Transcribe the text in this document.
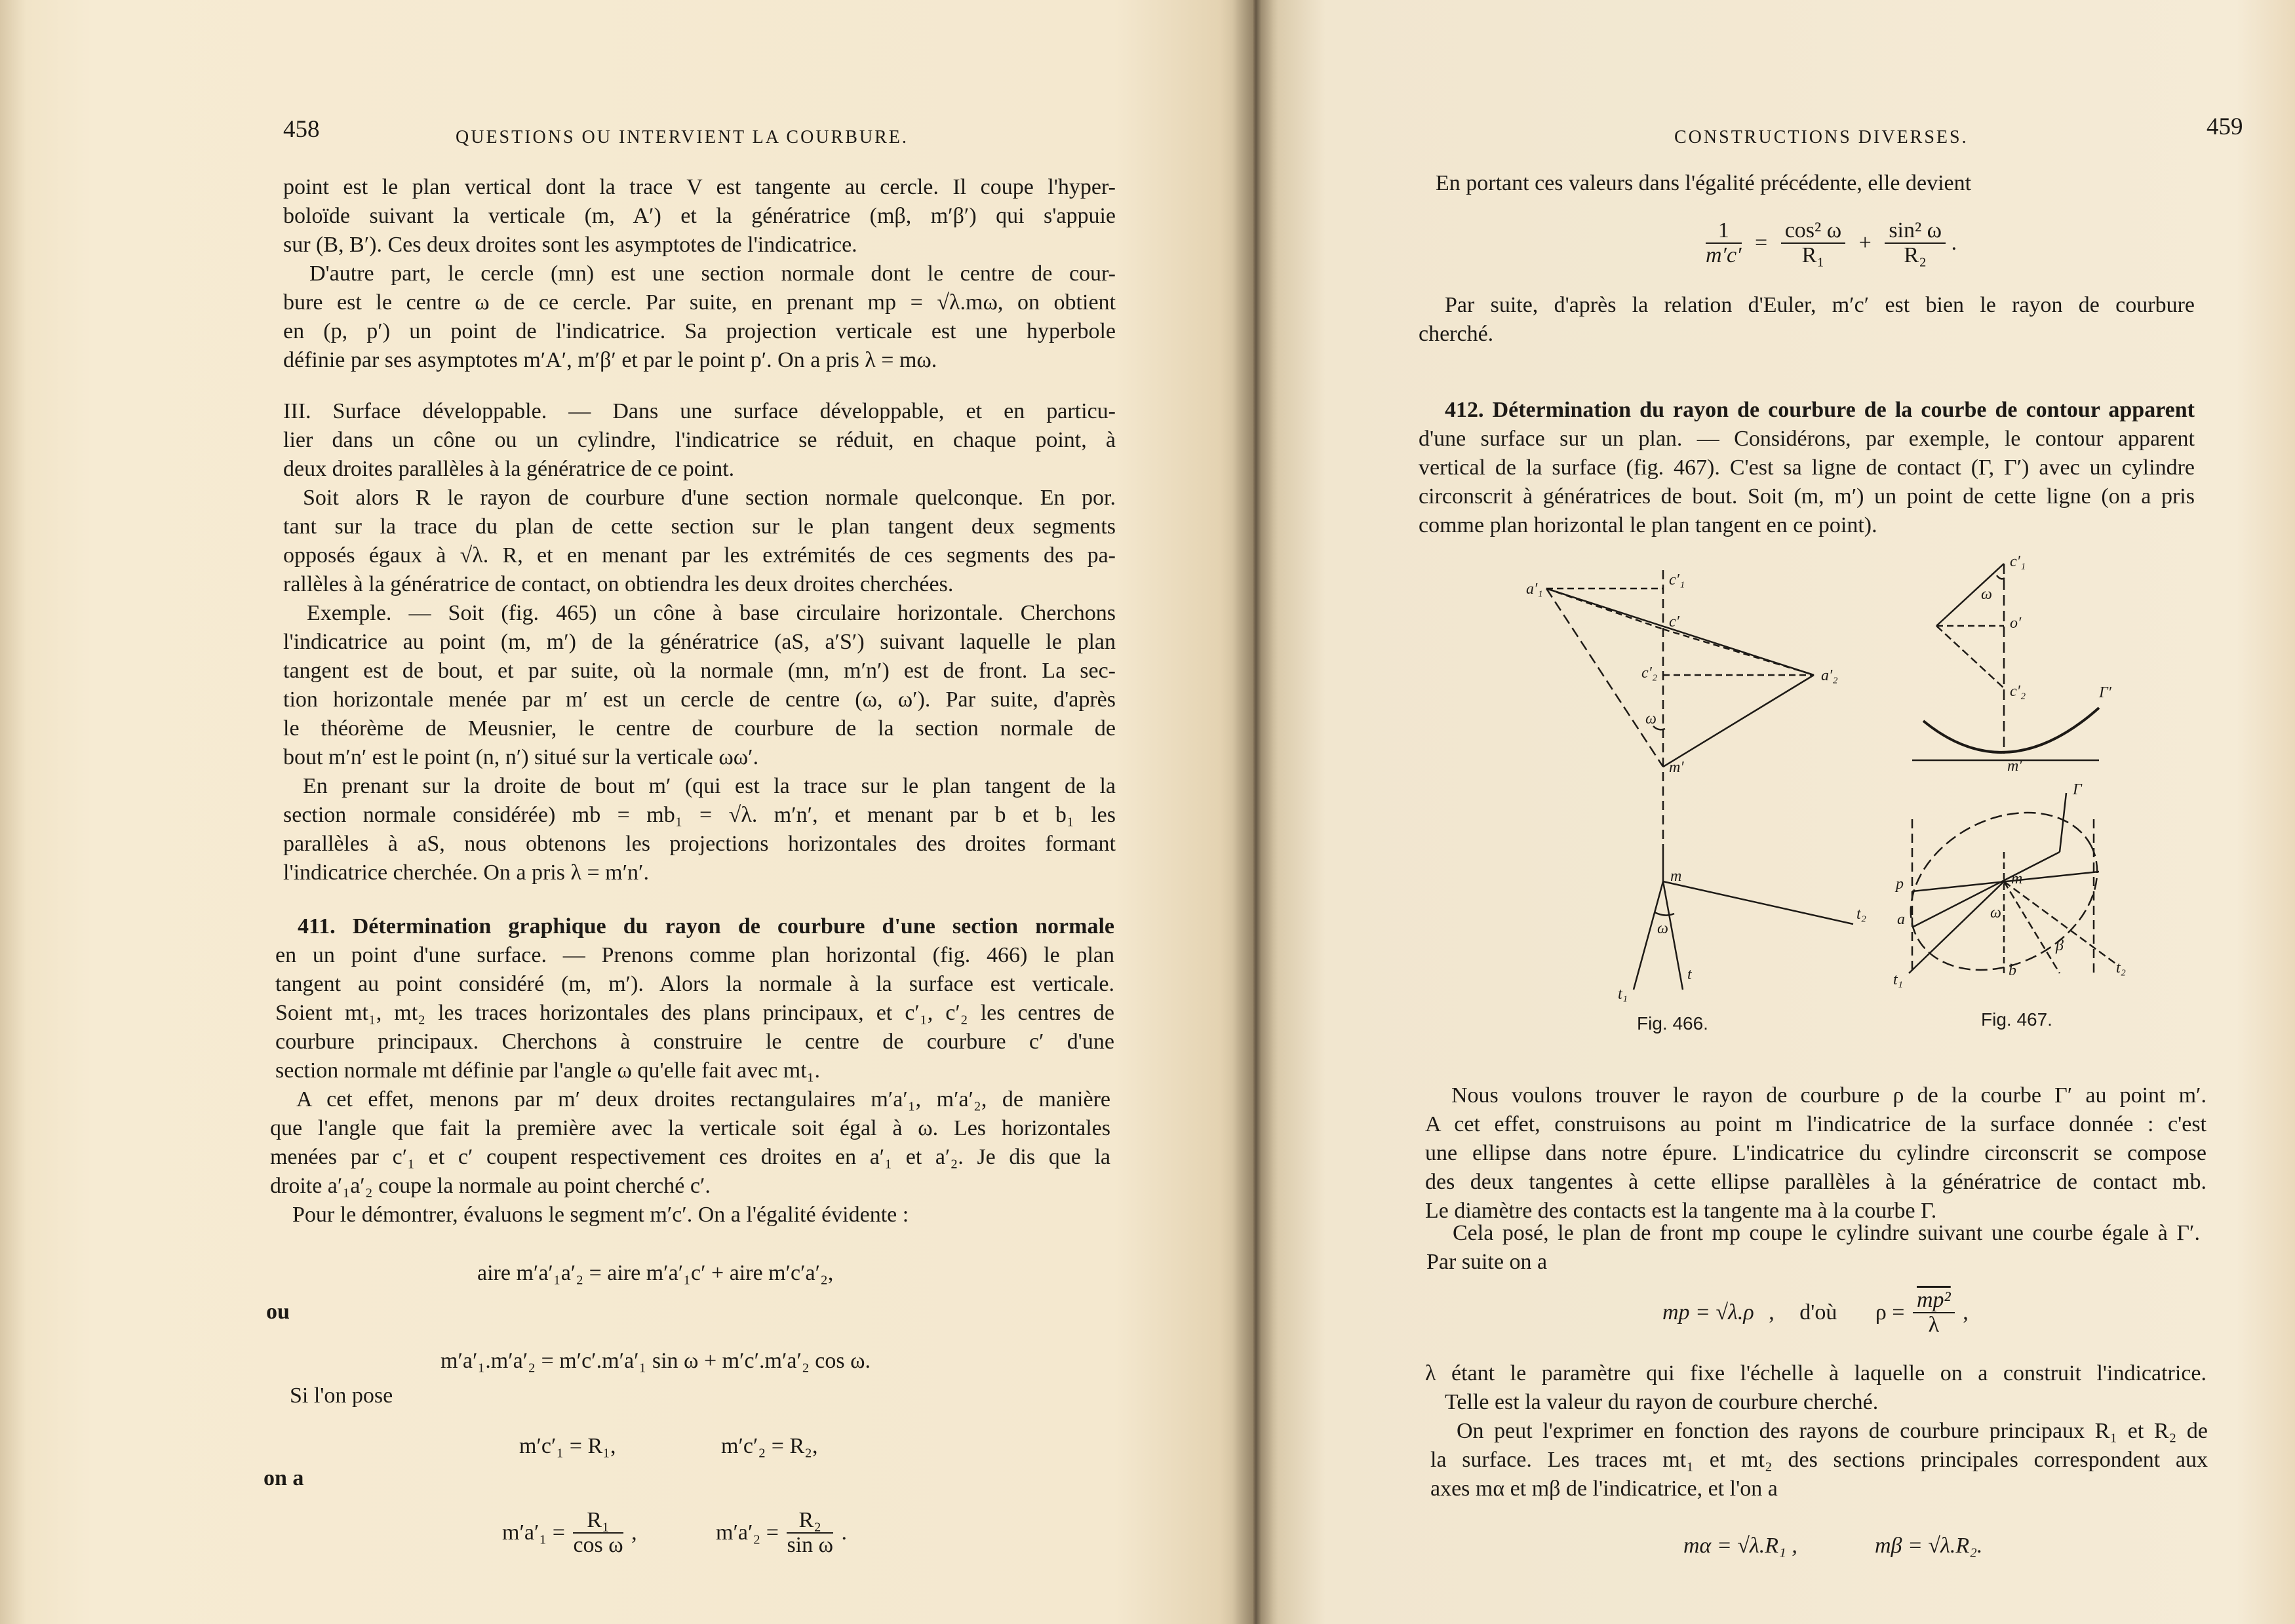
458	QUESTIONS OU INTERVIENT LA COURBURE.
point est le plan vertical dont la trace V est tangente au cercle. Il coupe l'hyper-
boloïde suivant la verticale (m, A′) et la génératrice (mβ, m′β′) qui s'appuie
sur (B, B′). Ces deux droites sont les asymptotes de l'indicatrice.
D'autre part, le cercle (mn) est une section normale dont le centre de cour-
bure est le centre ω de ce cercle. Par suite, en prenant mp = √λ.mω, on obtient
en (p, p′) un point de l'indicatrice. Sa projection verticale est une hyperbole
définie par ses asymptotes m′A′, m′β′ et par le point p′. On a pris λ = mω.
III. Surface développable. — Dans une surface développable, et en particu-
lier dans un cône ou un cylindre, l'indicatrice se réduit, en chaque point, à
deux droites parallèles à la génératrice de ce point.
Soit alors R le rayon de courbure d'une section normale quelconque. En por.
tant sur la trace du plan de cette section sur le plan tangent deux segments
opposés égaux à √λ. R, et en menant par les extrémités de ces segments des pa-
rallèles à la génératrice de contact, on obtiendra les deux droites cherchées.
Exemple. — Soit (fig. 465) un cône à base circulaire horizontale. Cherchons
l'indicatrice au point (m, m′) de la génératrice (aS, a′S′) suivant laquelle le plan
tangent est de bout, et par suite, où la normale (mn, m′n′) est de front. La sec-
tion horizontale menée par m′ est un cercle de centre (ω, ω′). Par suite, d'après
le théorème de Meusnier, le centre de courbure de la section normale de
bout m′n′ est le point (n, n′) situé sur la verticale ωω′.
En prenant sur la droite de bout m′ (qui est la trace sur le plan tangent de la
section normale considérée) mb = mb₁ = √λ. m′n′, et menant par b et b₁ les
parallèles à aS, nous obtenons les projections horizontales des droites formant
l'indicatrice cherchée. On a pris λ = m′n′.
411. Détermination graphique du rayon de courbure d'une section normale
en un point d'une surface. — Prenons comme plan horizontal (fig. 466) le plan
tangent au point considéré (m, m′). Alors la normale à la surface est verticale.
Soient mt₁, mt₂ les traces horizontales des plans principaux, et c′₁, c′₂ les centres de
courbure principaux. Cherchons à construire le centre de courbure c′ d'une
section normale mt définie par l'angle ω qu'elle fait avec mt₁.
A cet effet, menons par m′ deux droites rectangulaires m′a′₁, m′a′₂, de manière
que l'angle que fait la première avec la verticale soit égal à ω. Les horizontales
menées par c′₁ et c′ coupent respectivement ces droites en a′₁ et a′₂. Je dis que la
droite a′₁a′₂ coupe la normale au point cherché c′.
Pour le démontrer, évaluons le segment m′c′. On a l'égalité évidente :
aire m′a′₁a′₂ = aire m′a′₁c′ + aire m′c′a′₂,
ou
m′a′₁.m′a′₂ = m′c′.m′a′₁ sin ω + m′c′.m′a′₂ cos ω.
Si l'on pose
m′c′₁ = R₁,	m′c′₂ = R₂,
on a
$m'a'_1 = \frac{\text{R₁}}{\text{cos ω}}$ ,	$m'a'_2 = \frac{\text{R₂}}{\text{sin ω}}$ .
CONSTRUCTIONS DIVERSES.	459
En portant ces valeurs dans l'égalité précédente, elle devient
$\frac{1}{m'c'} = \frac{\text{cos² ω}}{\text{R₁}} + \frac{\text{sin² ω}}{\text{R₂}}$ .
Par suite, d'après la relation d'Euler, m′c′ est bien le rayon de courbure
cherché.
412. Détermination du rayon de courbure de la courbe de contour apparent
d'une surface sur un plan. — Considérons, par exemple, le contour apparent
vertical de la surface (fig. 467). C'est sa ligne de contact (Γ, Γ′) avec un cylindre
circonscrit à génératrices de bout. Soit (m, m′) un point de cette ligne (on a pris
comme plan horizontal le plan tangent en ce point).
a′₁
c′₁
c′
c′₂	a′₂
ω
m′
m
t₂
ω
t₁
t
c′₁
ω
o′
c′₂	Γ′
m′
Γ
p	m
a	ω
β
t₁
b	t₂
Fig. 466.	Fig. 467.
Nous voulons trouver le rayon de courbure ρ de la courbe Γ′ au point m′.
A cet effet, construisons au point m l'indicatrice de la surface donnée : c'est
une ellipse dans notre épure. L'indicatrice du cylindre circonscrit se compose
des deux tangentes à cette ellipse parallèles à la génératrice de contact mb.
Le diamètre des contacts est la tangente ma à la courbe Γ.
Cela posé, le plan de front mp coupe le cylindre suivant une courbe égale à Γ′.
Par suite on a
mp = √λ.ρ , d'où $\rho = \frac{\text{mp²}}{\lambda}$ ,
λ étant le paramètre qui fixe l'échelle à laquelle on a construit l'indicatrice.
Telle est la valeur du rayon de courbure cherché.
On peut l'exprimer en fonction des rayons de courbure principaux R₁ et R₂ de
la surface. Les traces mt₁ et mt₂ des sections principales correspondent aux
axes mα et mβ de l'indicatrice, et l'on a
mα = √λ.R₁ ,	mβ = √λ.R₂.
